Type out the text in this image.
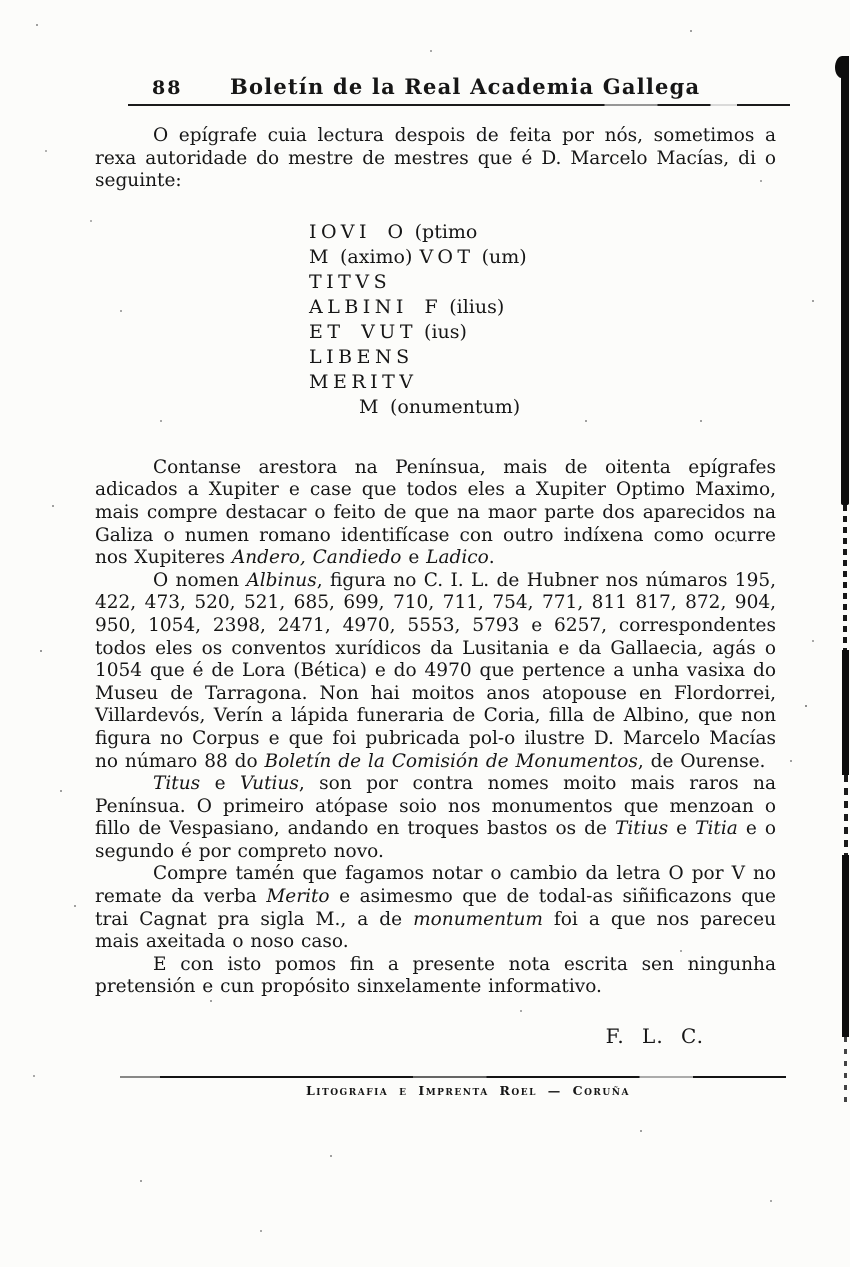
88 Boletín de la Real Academia Gallega

O epígrafe cuia lectura despois de feita por nós, sometimos a rexa autoridade do mestre de mestres que é D. Marcelo Macías, di o seguinte:

IOVI O (ptimo
M (aximo) VOT (um)
TITVS
ALBINI F (ilius)
ET VUT (ius)
LIBENS
MERITV
M (onumentum)

Contanse arestora na Penínsua, mais de oitenta epígrafes adicados a Xupiter e case que todos eles a Xupiter Optimo Maximo, mais compre destacar o feito de que na maor parte dos aparecidos na Galiza o numen romano identifícase con outro indíxena como ocurre nos Xupiteres Andero, Candiedo e Ladico.

O nomen Albinus, figura no C. I. L. de Hubner nos númaros 195, 422, 473, 520, 521, 685, 699, 710, 711, 754, 771, 811 817, 872, 904, 950, 1054, 2398, 2471, 4970, 5553, 5793 e 6257, correspondentes todos eles os conventos xurídicos da Lusitania e da Gallaecia, agás o 1054 que é de Lora (Bética) e do 4970 que pertence a unha vasixa do Museu de Tarragona. Non hai moitos anos atopouse en Flordorrei, Villardevós, Verín a lápida funeraria de Coria, filla de Albino, que non figura no Corpus e que foi pubricada pol-o ilustre D. Marcelo Macías no númaro 88 do Boletín de la Comisión de Monumentos, de Ourense.

Titus e Vutius, son por contra nomes moito mais raros na Penínsua. O primeiro atópase soio nos monumentos que menzoan o fillo de Vespasiano, andando en troques bastos os de Titius e Titia e o segundo é por compreto novo.

Compre tamén que fagamos notar o cambio da letra O por V no remate da verba Merito e asimesmo que de todal-as siñificazons que trai Cagnat pra sigla M., a de monumentum foi a que nos pareceu mais axeitada o noso caso.

E con isto pomos fin a presente nota escrita sen ningunha pretensión e cun propósito sinxelamente informativo.

F. L. C.
Litografia e Imprenta Roel — Coruña
